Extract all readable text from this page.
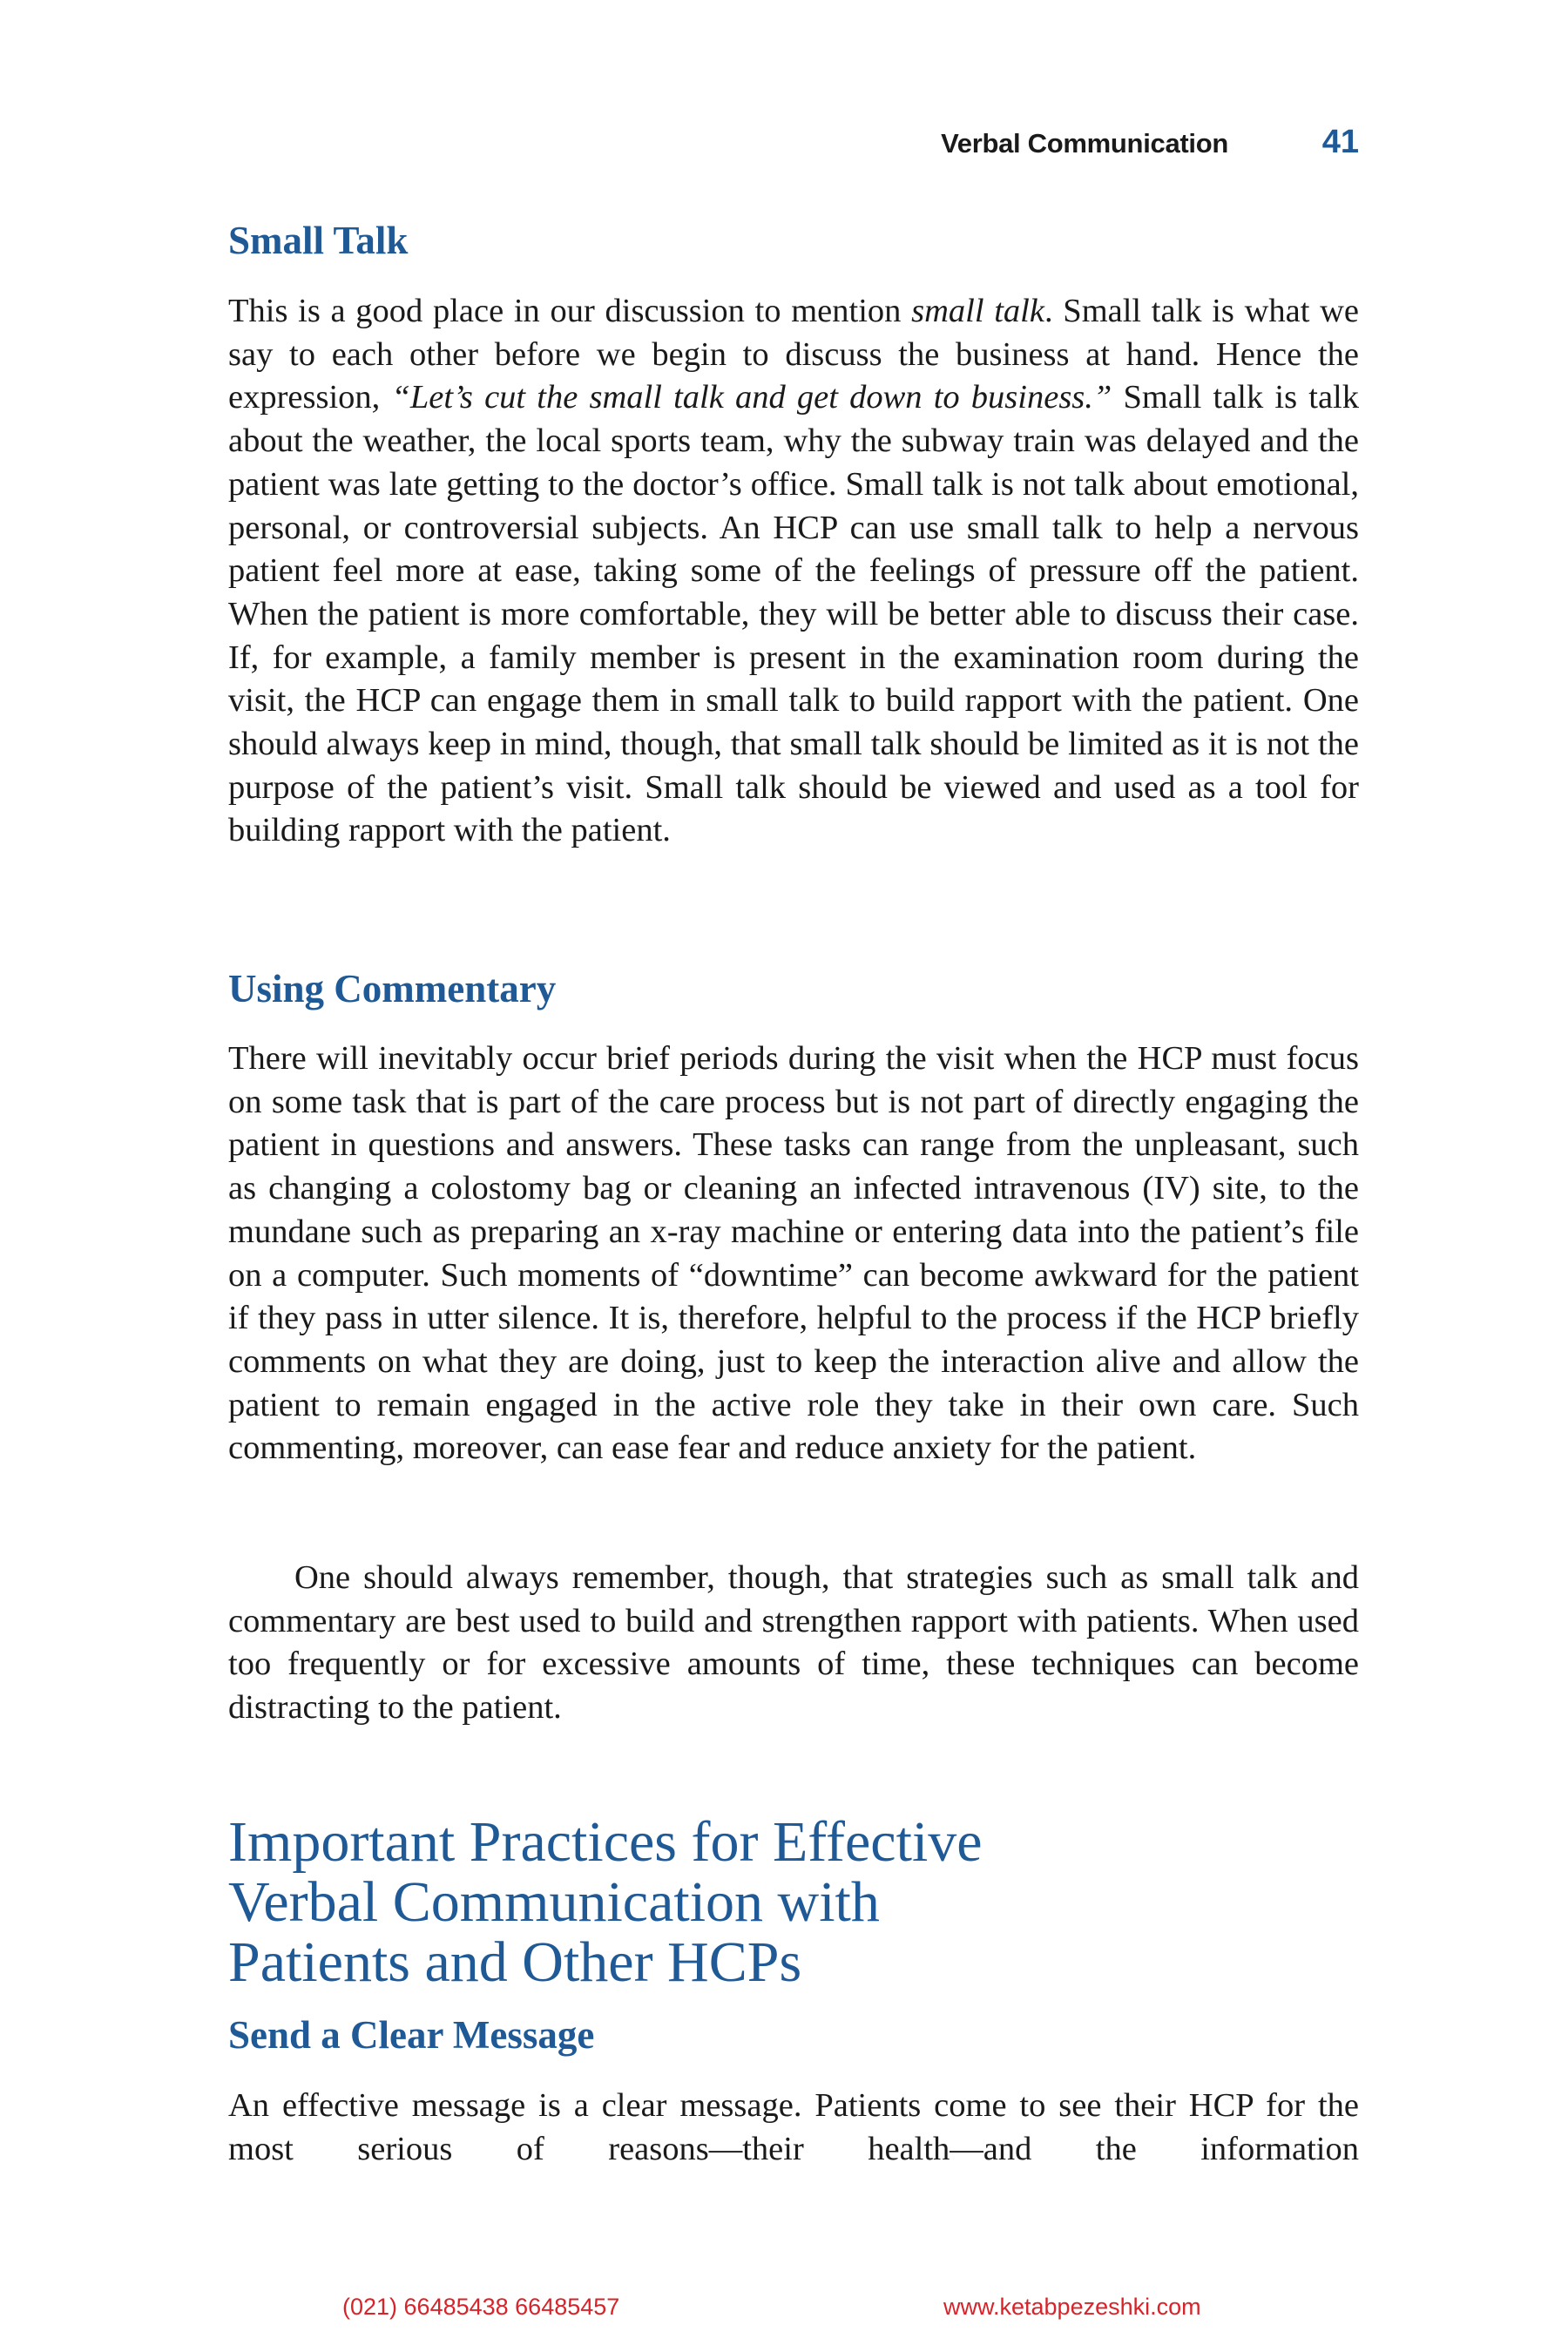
Verbal Communication	41
Small Talk

This is a good place in our discussion to mention small talk. Small talk is what we say to each other before we begin to discuss the business at hand. Hence the expression, “Let’s cut the small talk and get down to business.” Small talk is talk about the weather, the local sports team, why the subway train was delayed and the patient was late getting to the doctor’s office. Small talk is not talk about emotional, personal, or controversial subjects. An HCP can use small talk to help a nervous patient feel more at ease, taking some of the feelings of pressure off the patient. When the patient is more comfortable, they will be better able to discuss their case. If, for example, a family member is present in the examination room during the visit, the HCP can engage them in small talk to build rapport with the patient. One should always keep in mind, though, that small talk should be limited as it is not the purpose of the patient’s visit. Small talk should be viewed and used as a tool for building rapport with the patient.

Using Commentary

There will inevitably occur brief periods during the visit when the HCP must focus on some task that is part of the care process but is not part of directly engaging the patient in questions and answers. These tasks can range from the unpleasant, such as changing a colostomy bag or cleaning an infected intravenous (IV) site, to the mundane such as preparing an x-ray machine or entering data into the patient’s file on a computer. Such moments of “downtime” can become awkward for the patient if they pass in utter silence. It is, therefore, helpful to the process if the HCP briefly comments on what they are doing, just to keep the interaction alive and allow the patient to remain engaged in the active role they take in their own care. Such commenting, moreover, can ease fear and reduce anxiety for the patient.

One should always remember, though, that strategies such as small talk and commentary are best used to build and strengthen rapport with patients. When used too frequently or for excessive amounts of time, these techniques can become distracting to the patient.

Important Practices for Effective
Verbal Communication with
Patients and Other HCPs
Send a Clear Message

An effective message is a clear message. Patients come to see their HCP for the most serious of reasons—their health—and the information

(021) 66485438 66485457	www.ketabpezeshki.com
